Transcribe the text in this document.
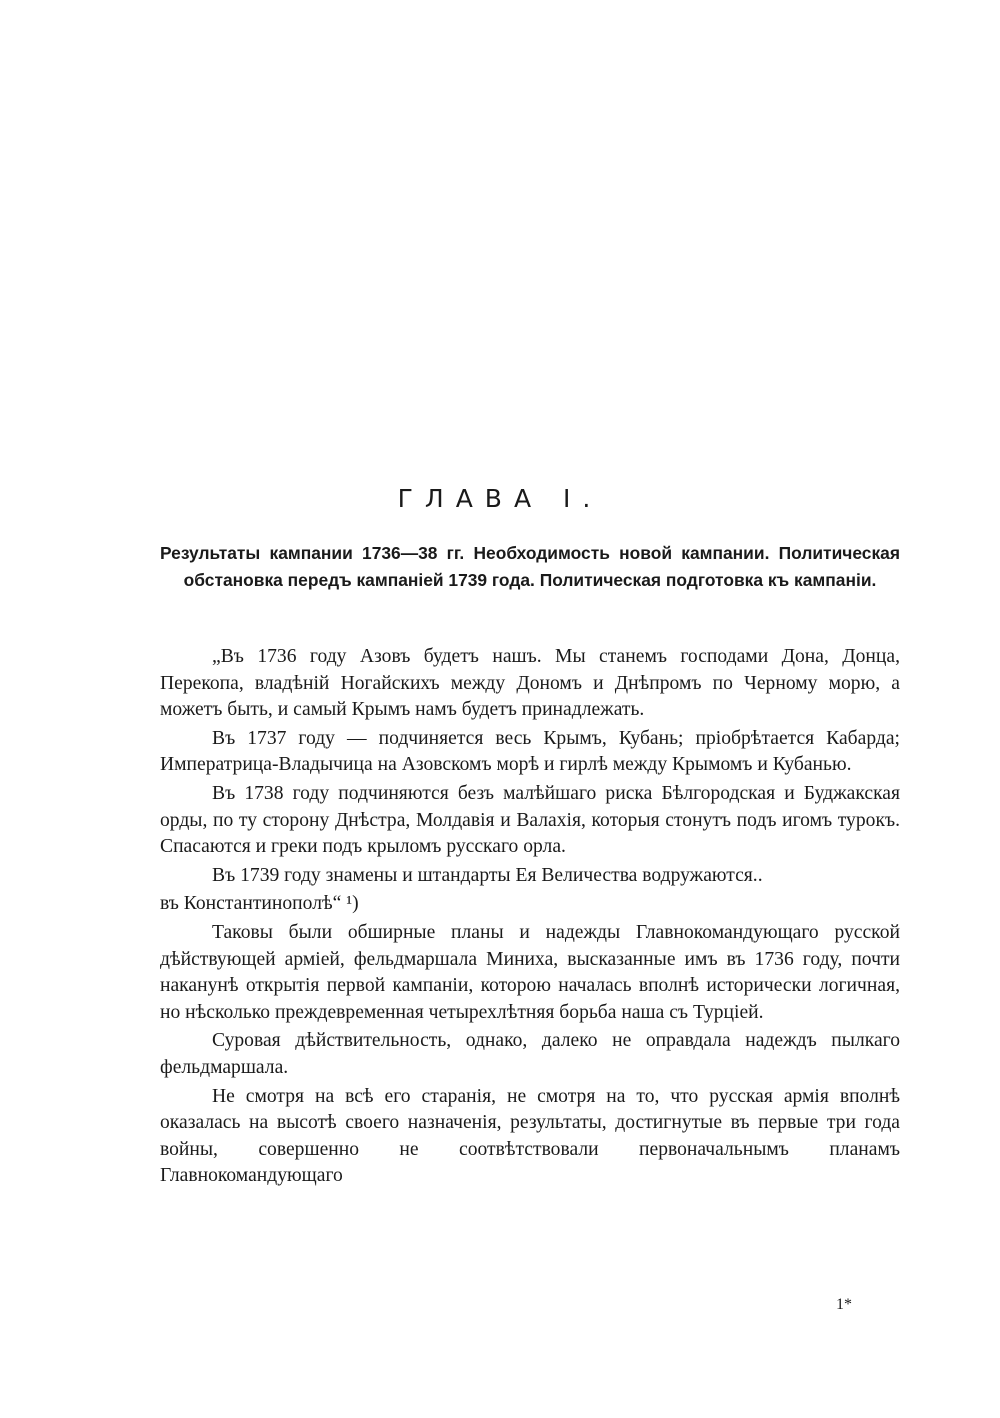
ГЛАВА I.

Результаты кампании 1736—38 гг. Необходимость новой кампании. Политическая обстановка передъ кампаніей 1739 года. Политическая подготовка къ кампаніи.

„Въ 1736 году Азовъ будетъ нашъ. Мы станемъ господами Дона, Донца, Перекопа, владѣній Ногайскихъ между Дономъ и Днѣпромъ по Черному морю, а можетъ быть, и самый Крымъ намъ будетъ принадлежать.

Въ 1737 году — подчиняется весь Крымъ, Кубань; пріобрѣтается Кабарда; Императрица-Владычица на Азовскомъ морѣ и гирлѣ между Крымомъ и Кубанью.

Въ 1738 году подчиняются безъ малѣйшаго риска Бѣлгородская и Буджакская орды, по ту сторону Днѣстра, Молдавія и Валахія, которыя стонутъ подъ игомъ турокъ. Спасаются и греки подъ крыломъ русскаго орла.

Въ 1739 году знамены и штандарты Ея Величества водружаются..

въ Константинополѣ“ ¹)

Таковы были обширные планы и надежды Главнокомандующаго русской дѣйствующей арміей, фельдмаршала Миниха, высказанные имъ въ 1736 году, почти наканунѣ открытія первой кампаніи, которою началась вполнѣ исторически логичная, но нѣсколько преждевременная четырехлѣтняя борьба наша съ Турціей.

Суровая дѣйствительность, однако, далеко не оправдала надеждъ пылкаго фельдмаршала.

Не смотря на всѣ его старанія, не смотря на то, что русская армія вполнѣ оказалась на высотѣ своего назначенія, результаты, достигнутые въ первые три года войны, совершенно не соотвѣтствовали первоначальнымъ планамъ Главнокомандующаго

1*
